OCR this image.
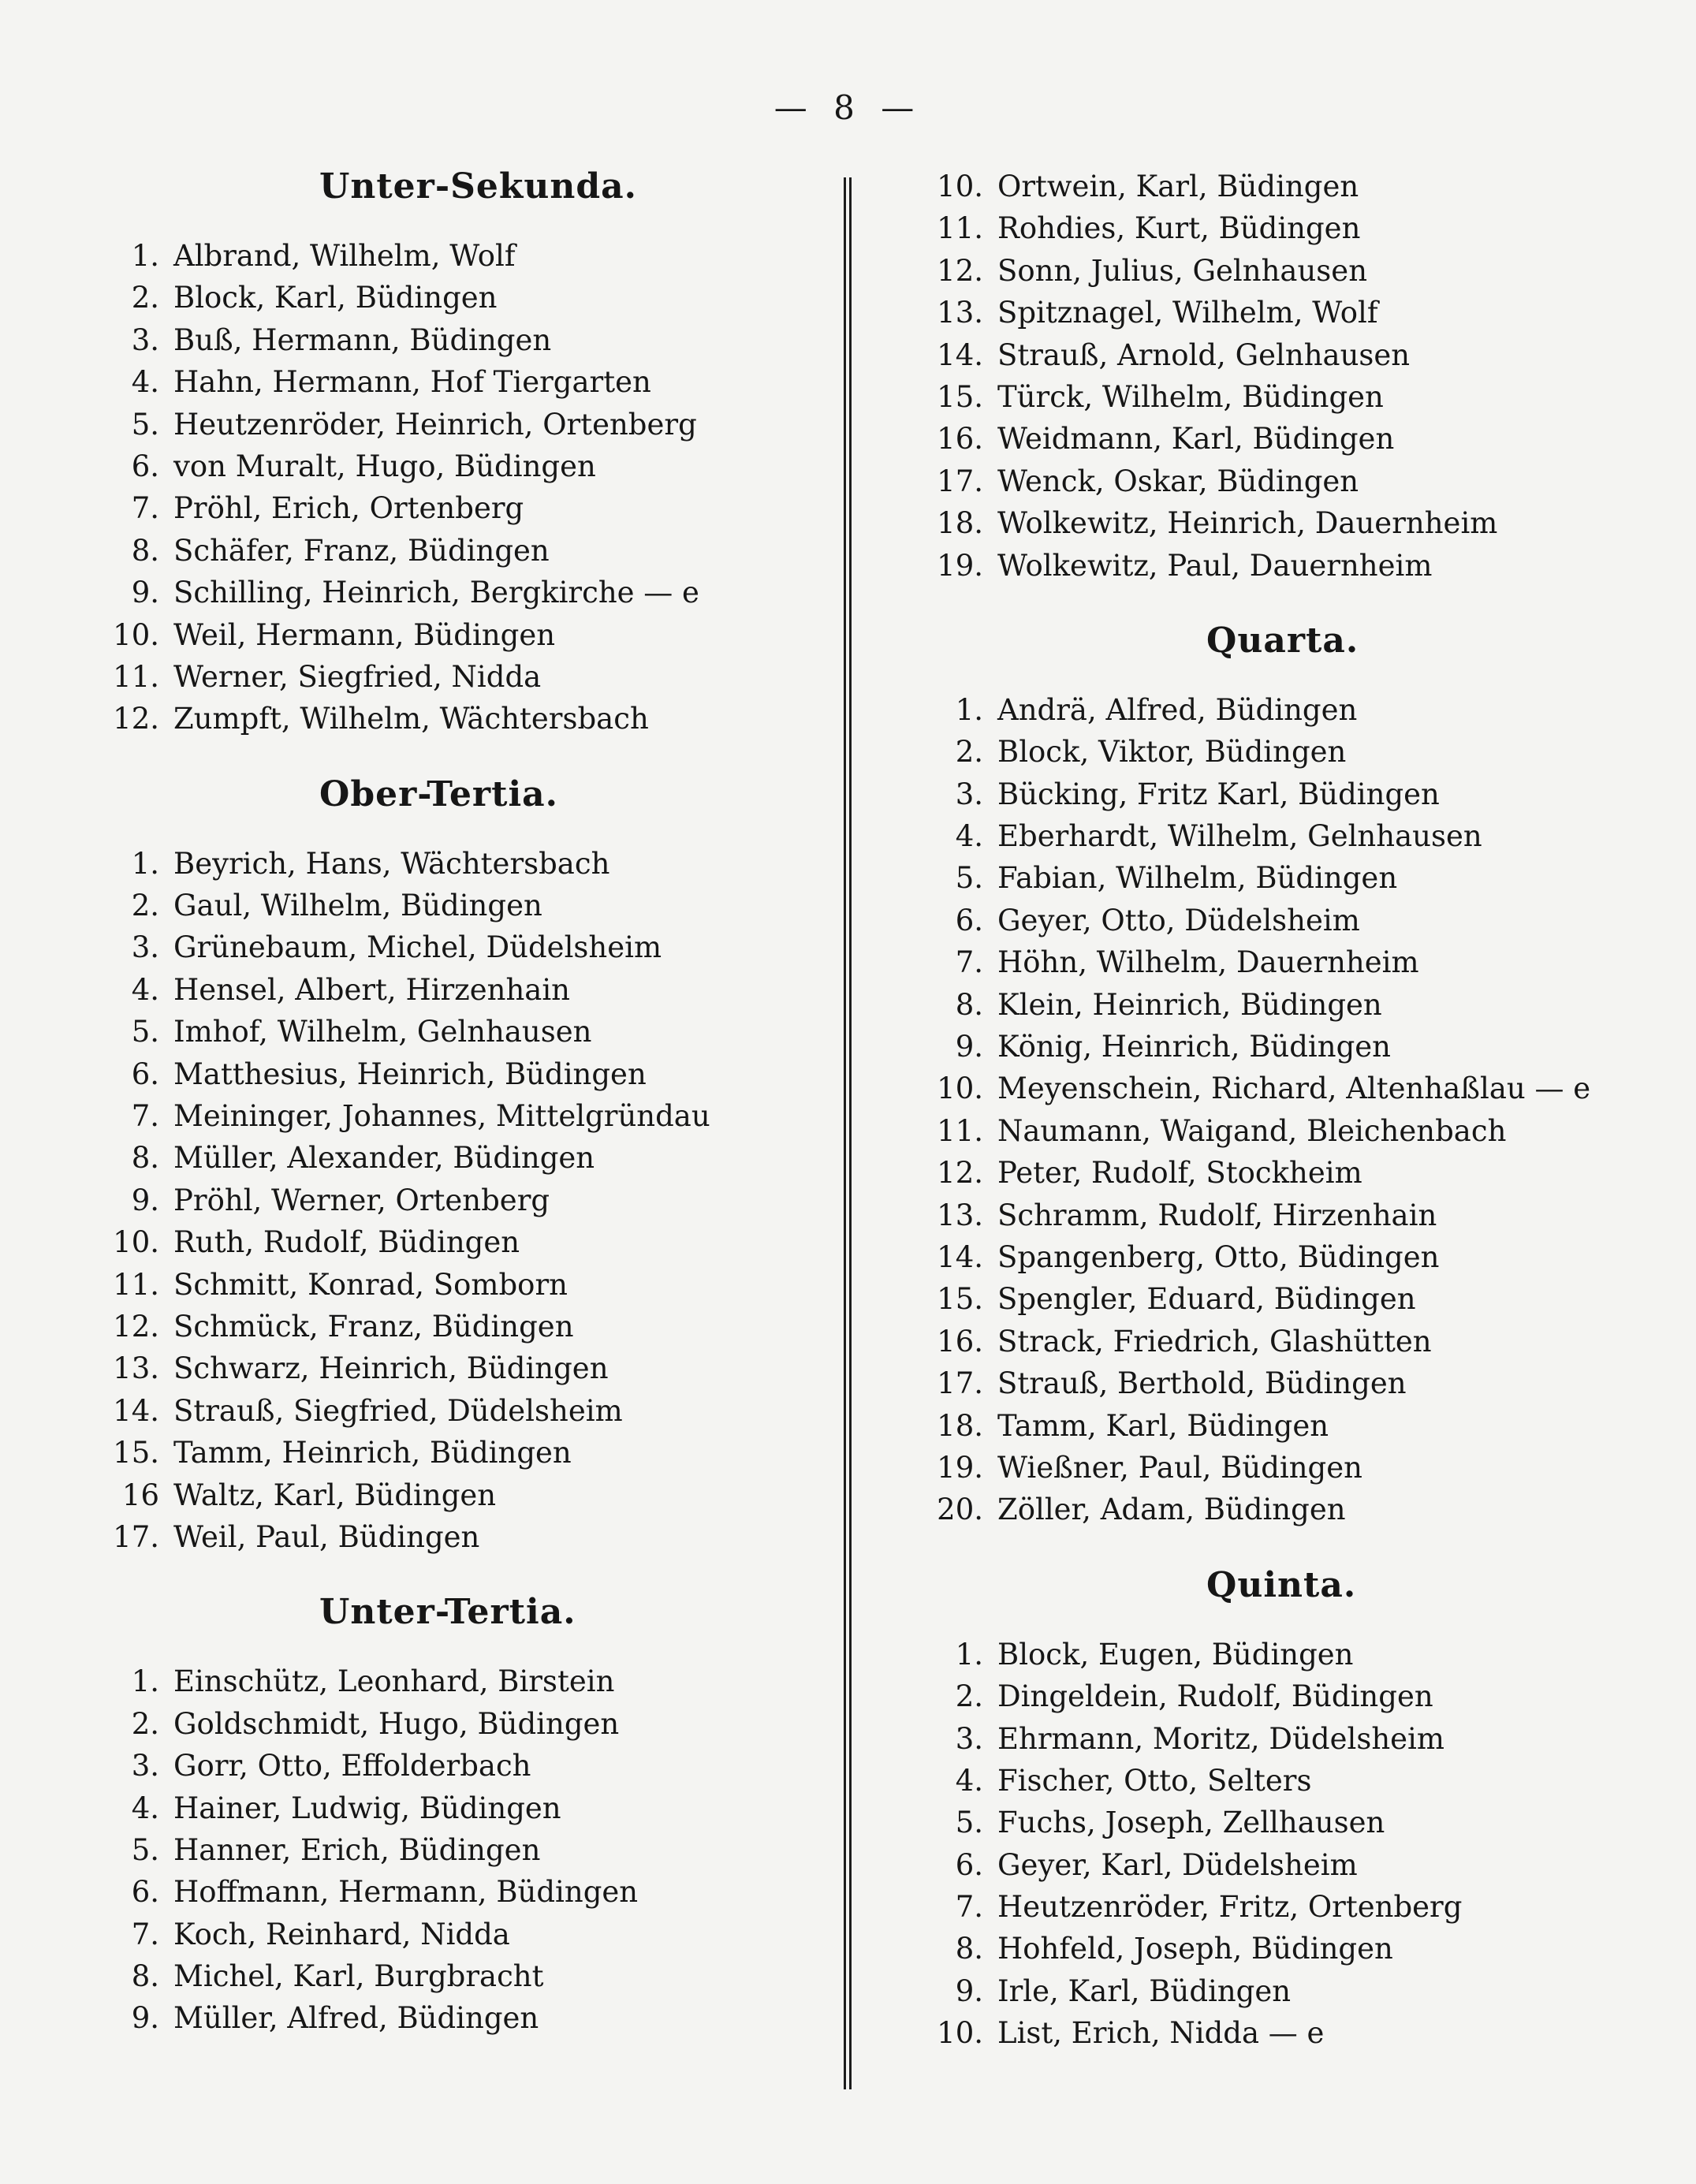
— 8 —
Unter-Sekunda.
1. Albrand, Wilhelm, Wolf
2. Block, Karl, Büdingen
3. Buß, Hermann, Büdingen
4. Hahn, Hermann, Hof Tiergarten
5. Heutzenröder, Heinrich, Ortenberg
6. von Muralt, Hugo, Büdingen
7. Pröhl, Erich, Ortenberg
8. Schäfer, Franz, Büdingen
9. Schilling, Heinrich, Bergkirche — e
10. Weil, Hermann, Büdingen
11. Werner, Siegfried, Nidda
12. Zumpft, Wilhelm, Wächtersbach
Ober-Tertia.
1. Beyrich, Hans, Wächtersbach
2. Gaul, Wilhelm, Büdingen
3. Grünebaum, Michel, Düdelsheim
4. Hensel, Albert, Hirzenhain
5. Imhof, Wilhelm, Gelnhausen
6. Matthesius, Heinrich, Büdingen
7. Meininger, Johannes, Mittelgründau
8. Müller, Alexander, Büdingen
9. Pröhl, Werner, Ortenberg
10. Ruth, Rudolf, Büdingen
11. Schmitt, Konrad, Somborn
12. Schmück, Franz, Büdingen
13. Schwarz, Heinrich, Büdingen
14. Strauß, Siegfried, Düdelsheim
15. Tamm, Heinrich, Büdingen
16 Waltz, Karl, Büdingen
17. Weil, Paul, Büdingen
Unter-Tertia.
1. Einschütz, Leonhard, Birstein
2. Goldschmidt, Hugo, Büdingen
3. Gorr, Otto, Effolderbach
4. Hainer, Ludwig, Büdingen
5. Hanner, Erich, Büdingen
6. Hoffmann, Hermann, Büdingen
7. Koch, Reinhard, Nidda
8. Michel, Karl, Burgbracht
9. Müller, Alfred, Büdingen
10. Ortwein, Karl, Büdingen
11. Rohdies, Kurt, Büdingen
12. Sonn, Julius, Gelnhausen
13. Spitznagel, Wilhelm, Wolf
14. Strauß, Arnold, Gelnhausen
15. Türck, Wilhelm, Büdingen
16. Weidmann, Karl, Büdingen
17. Wenck, Oskar, Büdingen
18. Wolkewitz, Heinrich, Dauernheim
19. Wolkewitz, Paul, Dauernheim
Quarta.
1. Andrä, Alfred, Büdingen
2. Block, Viktor, Büdingen
3. Bücking, Fritz Karl, Büdingen
4. Eberhardt, Wilhelm, Gelnhausen
5. Fabian, Wilhelm, Büdingen
6. Geyer, Otto, Düdelsheim
7. Höhn, Wilhelm, Dauernheim
8. Klein, Heinrich, Büdingen
9. König, Heinrich, Büdingen
10. Meyenschein, Richard, Altenhaßlau — e
11. Naumann, Waigand, Bleichenbach
12. Peter, Rudolf, Stockheim
13. Schramm, Rudolf, Hirzenhain
14. Spangenberg, Otto, Büdingen
15. Spengler, Eduard, Büdingen
16. Strack, Friedrich, Glashütten
17. Strauß, Berthold, Büdingen
18. Tamm, Karl, Büdingen
19. Wießner, Paul, Büdingen
20. Zöller, Adam, Büdingen
Quinta.
1. Block, Eugen, Büdingen
2. Dingeldein, Rudolf, Büdingen
3. Ehrmann, Moritz, Düdelsheim
4. Fischer, Otto, Selters
5. Fuchs, Joseph, Zellhausen
6. Geyer, Karl, Düdelsheim
7. Heutzenröder, Fritz, Ortenberg
8. Hohfeld, Joseph, Büdingen
9. Irle, Karl, Büdingen
10. List, Erich, Nidda — e
